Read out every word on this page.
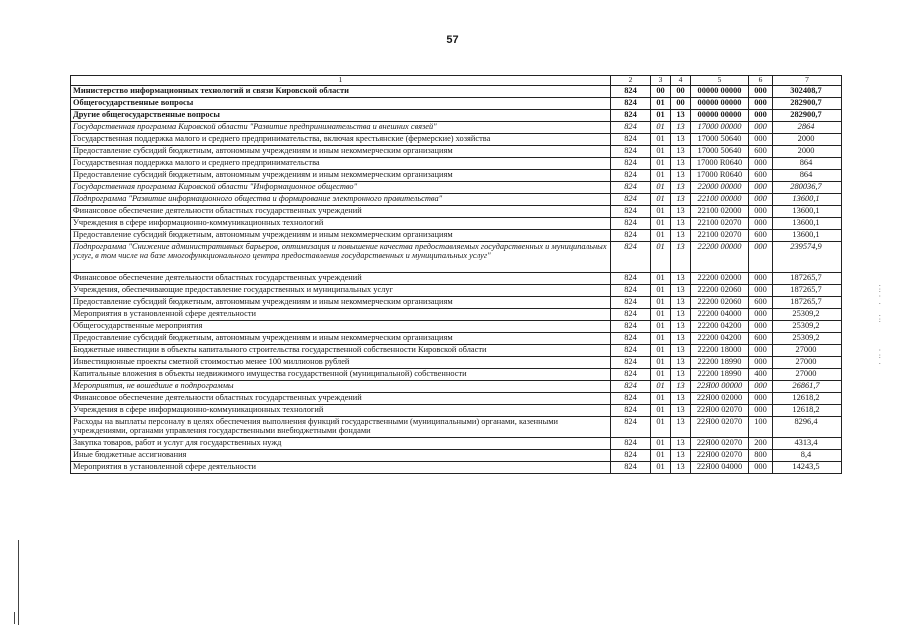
57
1	2	3	4	5	6	7
Министерство информационных технологий и связи Кировской области	824	00	00	00000 00000	000	302408,7
Общегосударственные вопросы	824	01	00	00000 00000	000	282900,7
Другие общегосударственные вопросы	824	01	13	00000 00000	000	282900,7
Государственная программа Кировской области "Развитие предпринимательства и внешних связей"	824	01	13	17000 00000	000	2864
Государственная поддержка малого и среднего предпринимательства, включая крестьянские (фермерские) хозяйства	824	01	13	17000 50640	000	2000
Предоставление субсидий бюджетным, автономным учреждениям и иным некоммерческим организациям	824	01	13	17000 50640	600	2000
Государственная поддержка малого и среднего предпринимательства	824	01	13	17000 R0640	000	864
Предоставление субсидий бюджетным, автономным учреждениям и иным некоммерческим организациям	824	01	13	17000 R0640	600	864
Государственная программа Кировской области "Информационное общество"	824	01	13	22000 00000	000	280036,7
Подпрограмма "Развитие информационного общества и формирование электронного правительства"	824	01	13	22100 00000	000	13600,1
Финансовое обеспечение деятельности областных государственных учреждений	824	01	13	22100 02000	000	13600,1
Учреждения в сфере информационно-коммуникационных технологий	824	01	13	22100 02070	000	13600,1
Предоставление субсидий бюджетным, автономным учреждениям и иным некоммерческим организациям	824	01	13	22100 02070	600	13600,1
Подпрограмма "Снижение административных барьеров, оптимизация и повышение качества предоставляемых государственных и муниципальных услуг, в том числе на базе многофункционального центра предоставления государственных и муниципальных услуг"	824	01	13	22200 00000	000	239574,9
Финансовое обеспечение деятельности областных государственных учреждений	824	01	13	22200 02000	000	187265,7
Учреждения, обеспечивающие предоставление государственных и муниципальных услуг	824	01	13	22200 02060	000	187265,7
Предоставление субсидий бюджетным, автономным учреждениям и иным некоммерческим организациям	824	01	13	22200 02060	600	187265,7
Мероприятия в установленной сфере деятельности	824	01	13	22200 04000	000	25309,2
Общегосударственные мероприятия	824	01	13	22200 04200	000	25309,2
Предоставление субсидий бюджетным, автономным учреждениям и иным некоммерческим организациям	824	01	13	22200 04200	600	25309,2
Бюджетные инвестиции в объекты капитального строительства государственной собственности Кировской области	824	01	13	22200 18000	000	27000
Инвестиционные проекты сметной стоимостью менее 100 миллионов рублей	824	01	13	22200 18990	000	27000
Капитальные вложения в объекты недвижимого имущества государственной (муниципальной) собственности	824	01	13	22200 18990	400	27000
Мероприятия, не вошедшие в подпрограммы	824	01	13	22Я00 00000	000	26861,7
Финансовое обеспечение деятельности областных государственных учреждений	824	01	13	22Я00 02000	000	12618,2
Учреждения в сфере информационно-коммуникационных технологий	824	01	13	22Я00 02070	000	12618,2
Расходы на выплаты персоналу в целях обеспечения выполнения функций государственными (муниципальными) органами, казенными учреждениями, органами управления государственными внебюджетными фондами	824	01	13	22Я00 02070	100	8296,4
Закупка товаров, работ и услуг для государственных нужд	824	01	13	22Я00 02070	200	4313,4
Иные бюджетные ассигнования	824	01	13	22Я00 02070	800	8,4
Мероприятия в установленной сфере деятельности	824	01	13	22Я00 04000	000	14243,5
.
:
·
.

.
:

·
:
.
